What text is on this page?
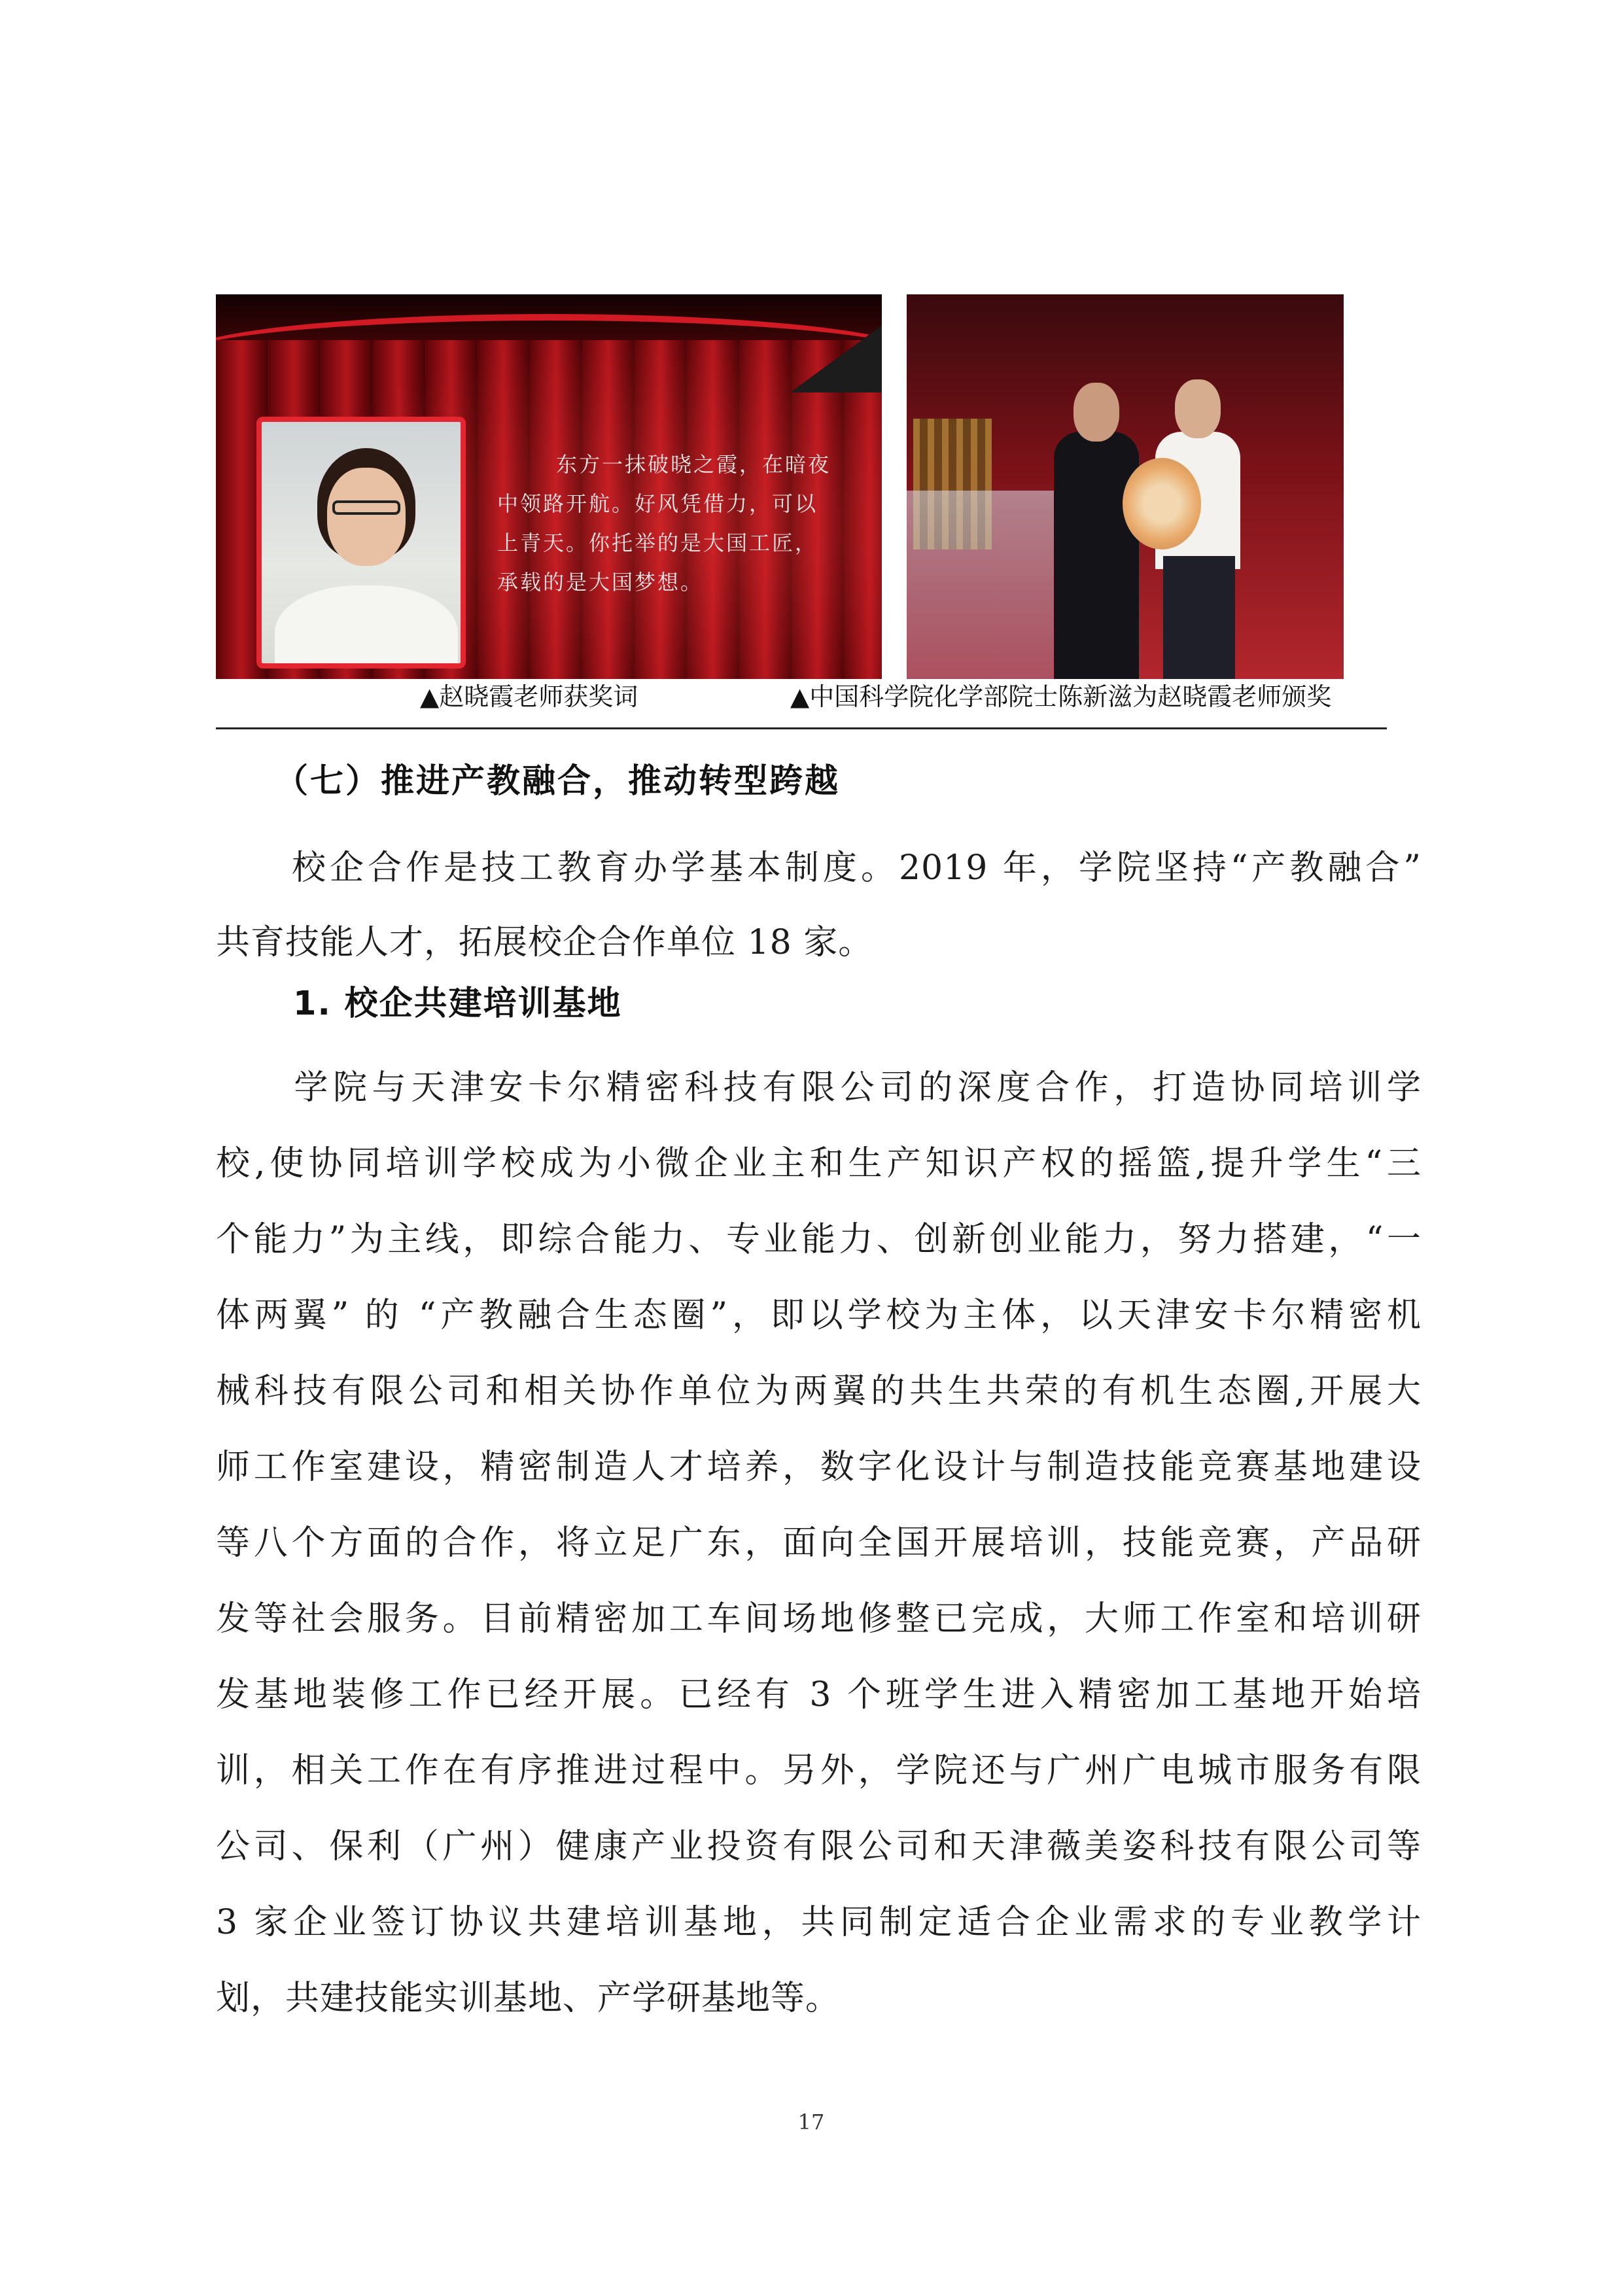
东方一抹破晓之霞，在暗夜

中领路开航。好风凭借力，可以

上青天。你托举的是大国工匠，

承载的是大国梦想。

▲赵晓霞老师获奖词	▲中国科学院化学部院士陈新滋为赵晓霞老师颁奖
（七）推进产教融合，推动转型跨越

　　校企合作是技工教育办学基本制度。2019 年，学院坚持“产教融合”

共育技能人才，拓展校企合作单位 18 家。

1. 校企共建培训基地

　　学院与天津安卡尔精密科技有限公司的深度合作，打造协同培训学

校,使协同培训学校成为小微企业主和生产知识产权的摇篮,提升学生“三

个能力”为主线，即综合能力、专业能力、创新创业能力，努力搭建，“一

体两翼” 的 “产教融合生态圈”，即以学校为主体，以天津安卡尔精密机

械科技有限公司和相关协作单位为两翼的共生共荣的有机生态圈,开展大

师工作室建设，精密制造人才培养，数字化设计与制造技能竞赛基地建设

等八个方面的合作，将立足广东，面向全国开展培训，技能竞赛，产品研

发等社会服务。目前精密加工车间场地修整已完成，大师工作室和培训研

发基地装修工作已经开展。已经有 3 个班学生进入精密加工基地开始培

训，相关工作在有序推进过程中。另外，学院还与广州广电城市服务有限

公司、保利（广州）健康产业投资有限公司和天津薇美姿科技有限公司等

3 家企业签订协议共建培训基地，共同制定适合企业需求的专业教学计

划，共建技能实训基地、产学研基地等。

17
